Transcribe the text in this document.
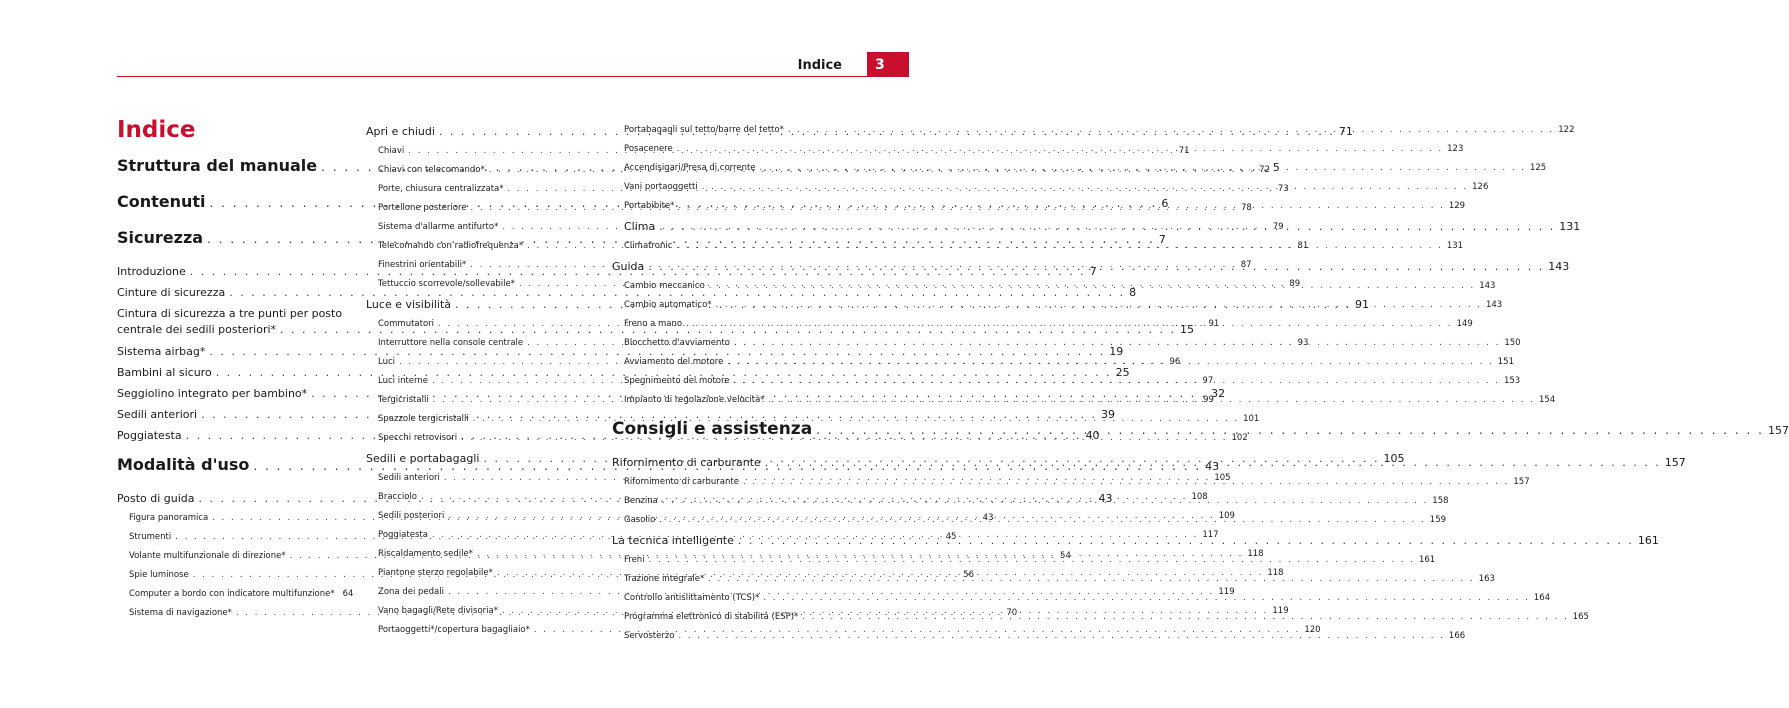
Indice	3
Indice
Struttura del manuale . . .	5
Contenuti . . .	6
Sicurezza . . .	7
Introduzione . . .	7
Cinture di sicurezza . . .	8
Cintura di sicurezza a tre punti per posto
centrale dei sedili posteriori* . . .	15
Sistema airbag* . . .	19
Bambini al sicuro . . .	25
Seggiolino integrato per bambino* . . .	32
Sedili anteriori . . .	39
Poggiatesta . . .	40
Modalità d'uso . . .	43
Posto di guida . . .	43
Figura panoramica . . .	43
Strumenti . . .	45
Volante multifunzionale di direzione* . . .	54
Spie luminose . . .	56
Computer a bordo con indicatore multifunzione* 64
Sistema di navigazione* . . .	70
Apri e chiudi . . .	71
Chiavi . . .	71
Chiavi con telecomando* . . .	72
Porte, chiusura centralizzata* . . .	73
Portellone posteriore . . .	78
Sistema d'allarme antifurto* . . .	79
Telecomando con radiofrequenza* . . .	81
Finestrini orientabili* . . .	87
Tettuccio scorrevole/sollevabile* . . .	89
Luce e visibilità . . .	91
Commutatori . . .	91
Interruttore nella console centrale . . .	93
Luci . . .	96
Luci interne . . .	97
Tergicristalli . . .	99
Spazzole tergicristalli . . .	101
Specchi retrovisori . . .	102
Sedili e portabagagli . . .	105
Sedili anteriori . . .	105
Bracciolo . . .	108
Sedili posteriori . . .	109
Poggiatesta . . .	117
Riscaldamento sedile* . . .	118
Piantone sterzo regolabile* . . .	118
Zona dei pedali . . .	119
Vano bagagli/Rete divisoria* . . .	119
Portaoggetti*/copertura bagagliaio* . . .	120
Portabagagli sul tetto/barre del tetto* . . .	122
Posacenere . . .	123
Accendisigari/Presa di corrente . . .	125
Vani portaoggetti . . .	126
Portabibite* . . .	129
Clima . . .	131
Climatronic . . .	131
Guida . . .	143
Cambio meccanico . . .	143
Cambio automatico* . . .	143
Freno a mano . . .	149
Blocchetto d'avviamento . . .	150
Avviamento del motore . . .	151
Spegnimento del motore . . .	153
Impianto di regolazione velocità* . . .	154
Consigli e assistenza . . .	157
Rifornimento di carburante . . .	157
Rifornimento di carburante . . .	157
Benzina . . .	158
Gasolio . . .	159
La tecnica intelligente . . .	161
Freni . . .	161
Trazione integrale* . . .	163
Controllo antislittamento (TCS)* . . .	164
Programma elettronico di stabilità (ESP)* . . .	165
Servosterzo . . .	166
